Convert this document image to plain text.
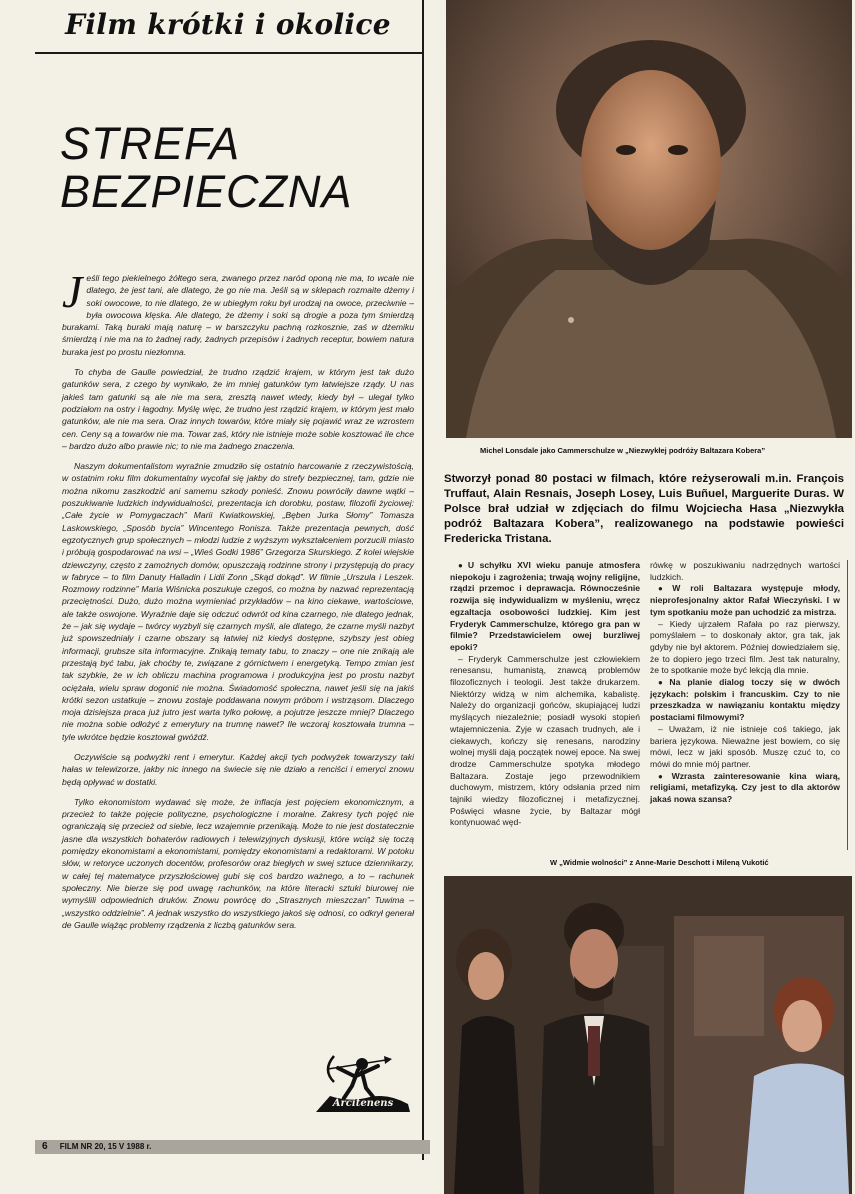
Film krótki i okolice
STREFA
BEZPIECZNA

Jeśli tego piekielnego żółtego sera, zwanego przez naród oponą nie ma, to wcale nie dlatego, że jest tani, ale dlatego, że go nie ma. Jeśli są w sklepach rozmaite dżemy i soki owocowe, to nie dlatego, że w ubiegłym roku był urodzaj na owoce, przeciwnie – była owocowa klęska. Ale dlatego, że dżemy i soki są drogie a poza tym śmierdzą burakami. Taką buraki mają naturę – w barszczyku pachną rozkosznie, zaś w dżemiku śmierdzą i nie ma na to żadnej rady, żadnych przepisów i żadnych receptur, bowiem natura buraka jest po prostu niezłomna.

To chyba de Gaulle powiedział, że trudno rządzić krajem, w którym jest tak dużo gatunków sera, z czego by wynikało, że im mniej gatunków tym łatwiejsze rządy. U nas jakieś tam gatunki są ale nie ma sera, zresztą nawet wtedy, kiedy był – ulegał tylko podziałom na ostry i łagodny. Myślę więc, że trudno jest rządzić krajem, w którym jest mało gatunków, ale nie ma sera. Oraz innych towarów, które miały się pojawić wraz ze wzrostem cen. Ceny są a towarów nie ma. Towar zaś, który nie istnieje może sobie kosztować ile chce – bardzo dużo albo prawie nic; to nie ma żadnego znaczenia.

Naszym dokumentalistom wyraźnie zmudziło się ostatnio harcowanie z rzeczywistością, w ostatnim roku film dokumentalny wycofał się jakby do strefy bezpiecznej, tam, gdzie nie można nikomu zaszkodzić ani samemu szkody ponieść. Znowu powróciły dawne wątki – poszukiwanie ludzkich indywidualności, prezentacja ich dorobku, postaw, filozofii życiowej: „Całe życie w Pomygaczach” Marii Kwiatkowskiej, „Bęben Jurka Słomy” Tomasza Laskowskiego, „Sposób bycia” Wincentego Ronisza. Także prezentacja pewnych, dość egzotycznych grup społecznych – młodzi ludzie z wyższym wykształceniem porzucili miasto i próbują gospodarować na wsi – „Wieś Godki 1986” Grzegorza Skurskiego. Z kolei wiejskie dziewczyny, często z zamożnych domów, opuszczają rodzinne strony i przystępują do pracy w fabryce – to film Danuty Halladin i Lidii Zonn „Skąd dokąd”. W filmie „Urszula i Leszek. Rozmowy rodzinne” Maria Wiśnicka poszukuje czegoś, co można by nazwać reprezentacją przeciętności. Dużo, dużo można wymieniać przykładów – na kino ciekawe, wartościowe, ale także oswojone. Wyraźnie daje się odczuć odwrót od kina czarnego, nie dlatego jednak, że – jak się wydaje – twórcy wyzbyli się czarnych myśli, ale dlatego, że czarne myśli nazbyt już spowszedniały i czarne obszary są łatwiej niż kiedyś dostępne, szybszy jest obieg informacji, grubsze sita informacyjne. Znikają tematy tabu, to znaczy – one nie znikają ale przestają być tabu, jak choćby te, związane z górnictwem i energetyką. Tempo zmian jest tak szybkie, że w ich obliczu machina programowa i produkcyjna jest po prostu nazbyt ociężała, wielu spraw dogonić nie można. Świadomość społeczna, nawet jeśli się na jakiś krótki sezon ustatkuje – znowu zostaje poddawana nowym próbom i wstrząsom. Dlaczego moja dzisiejsza praca już jutro jest warta tylko połowę, a pojutrze jeszcze mniej? Dlaczego nie można sobie odłożyć z emerytury na trumnę nawet? Ile wczoraj kosztowała trumna – tyle wkrótce będzie kosztował gwóźdź.

Oczywiście są podwyżki rent i emerytur. Każdej akcji tych podwyżek towarzyszy taki hałas w telewizorze, jakby nic innego na świecie się nie działo a renciści i emeryci znowu będą opływać w dostatki.

Tylko ekonomistom wydawać się może, że inflacja jest pojęciem ekonomicznym, a przecież to także pojęcie polityczne, psychologiczne i moralne. Zakresy tych pojęć nie ograniczają się przecież od siebie, lecz wzajemnie przenikają. Może to nie jest dostatecznie jasne dla wszystkich bohaterów radiowych i telewizyjnych dyskusji, które wciąż się toczą pomiędzy ekonomistami a ekonomistami, pomiędzy ekonomistami a redaktorami. W potoku słów, w retoryce uczonych docentów, profesorów oraz biegłych w swej sztuce dziennikarzy, w całej tej matematyce przyszłościowej gubi się coś bardzo ważnego, a to – rachunek społeczny. Nie bierze się pod uwagę rachunków, na które literacki sztuki biurowej nie wymyślili odpowiednich druków. Znowu powrócę do „Strasznych mieszczan” Tuwima – „wszystko oddzielnie”. A jednak wszystko do wszystkiego jakoś się odnosi, co odkrył generał de Gaulle wiążąc problemy rządzenia z liczbą gatunków sera.

Arcitenens
6 FILM NR 20, 15 V 1988 r.
Michel Lonsdale jako Cammerschulze w „Niezwykłej podróży Baltazara Kobera”
Stworzył ponad 80 postaci w filmach, które reżyserowali m.in. François Truffaut, Alain Resnais, Joseph Losey, Luis Buñuel, Marguerite Duras. W Polsce brał udział w zdjęciach do filmu Wojciecha Hasa „Niezwykła podróż Baltazara Kobera”, realizowanego na podstawie powieści Fredericka Tristana.

● U schyłku XVI wieku panuje atmosfera niepokoju i zagrożenia; trwają wojny religijne, rządzi przemoc i deprawacja. Równocześnie rozwija się indywidualizm w myśleniu, wręcz egzaltacja osobowości ludzkiej. Kim jest Fryderyk Cammerschulze, którego gra pan w filmie? Przedstawicielem owej burzliwej epoki?

– Fryderyk Cammerschulze jest człowiekiem renesansu, humanistą, znawcą problemów filozoficznych i teologii. Jest także drukarzem. Niektórzy widzą w nim alchemika, kabalistę. Należy do organizacji gońców, skupiającej ludzi myślących niezależnie; posiadł wysoki stopień wtajemniczenia. Żyje w czasach trudnych, ale i ciekawych, kończy się renesans, narodziny wolnej myśli dają początek nowej epoce. Na swej drodze Cammerschulze spotyka młodego Baltazara. Zostaje jego przewodnikiem duchowym, mistrzem, który odsłania przed nim tajniki wiedzy filozoficznej i metafizycznej. Poświęci własne życie, by Baltazar mógł kontynuować węd-

rówkę w poszukiwaniu nadrzędnych wartości ludzkich.

● W roli Baltazara występuje młody, nieprofesjonalny aktor Rafał Wieczyński. I w tym spotkaniu może pan uchodzić za mistrza.

– Kiedy ujrzałem Rafała po raz pierwszy, pomyślałem – to doskonały aktor, gra tak, jak gdyby nie był aktorem. Później dowiedziałem się, że to dopiero jego trzeci film. Jest tak naturalny, że to spotkanie może być lekcją dla mnie.

● Na planie dialog toczy się w dwóch językach: polskim i francuskim. Czy to nie przeszkadza w nawiązaniu kontaktu między postaciami filmowymi?

– Uważam, iż nie istnieje coś takiego, jak bariera językowa. Nieważne jest bowiem, co się mówi, lecz w jaki sposób. Muszę czuć to, co mówi do mnie mój partner.

● Wzrasta zainteresowanie kina wiarą, religiami, metafizyką. Czy jest to dla aktorów jakaś nowa szansa?

W „Widmie wolności” z Anne-Marie Deschott i Mileną Vukotić
